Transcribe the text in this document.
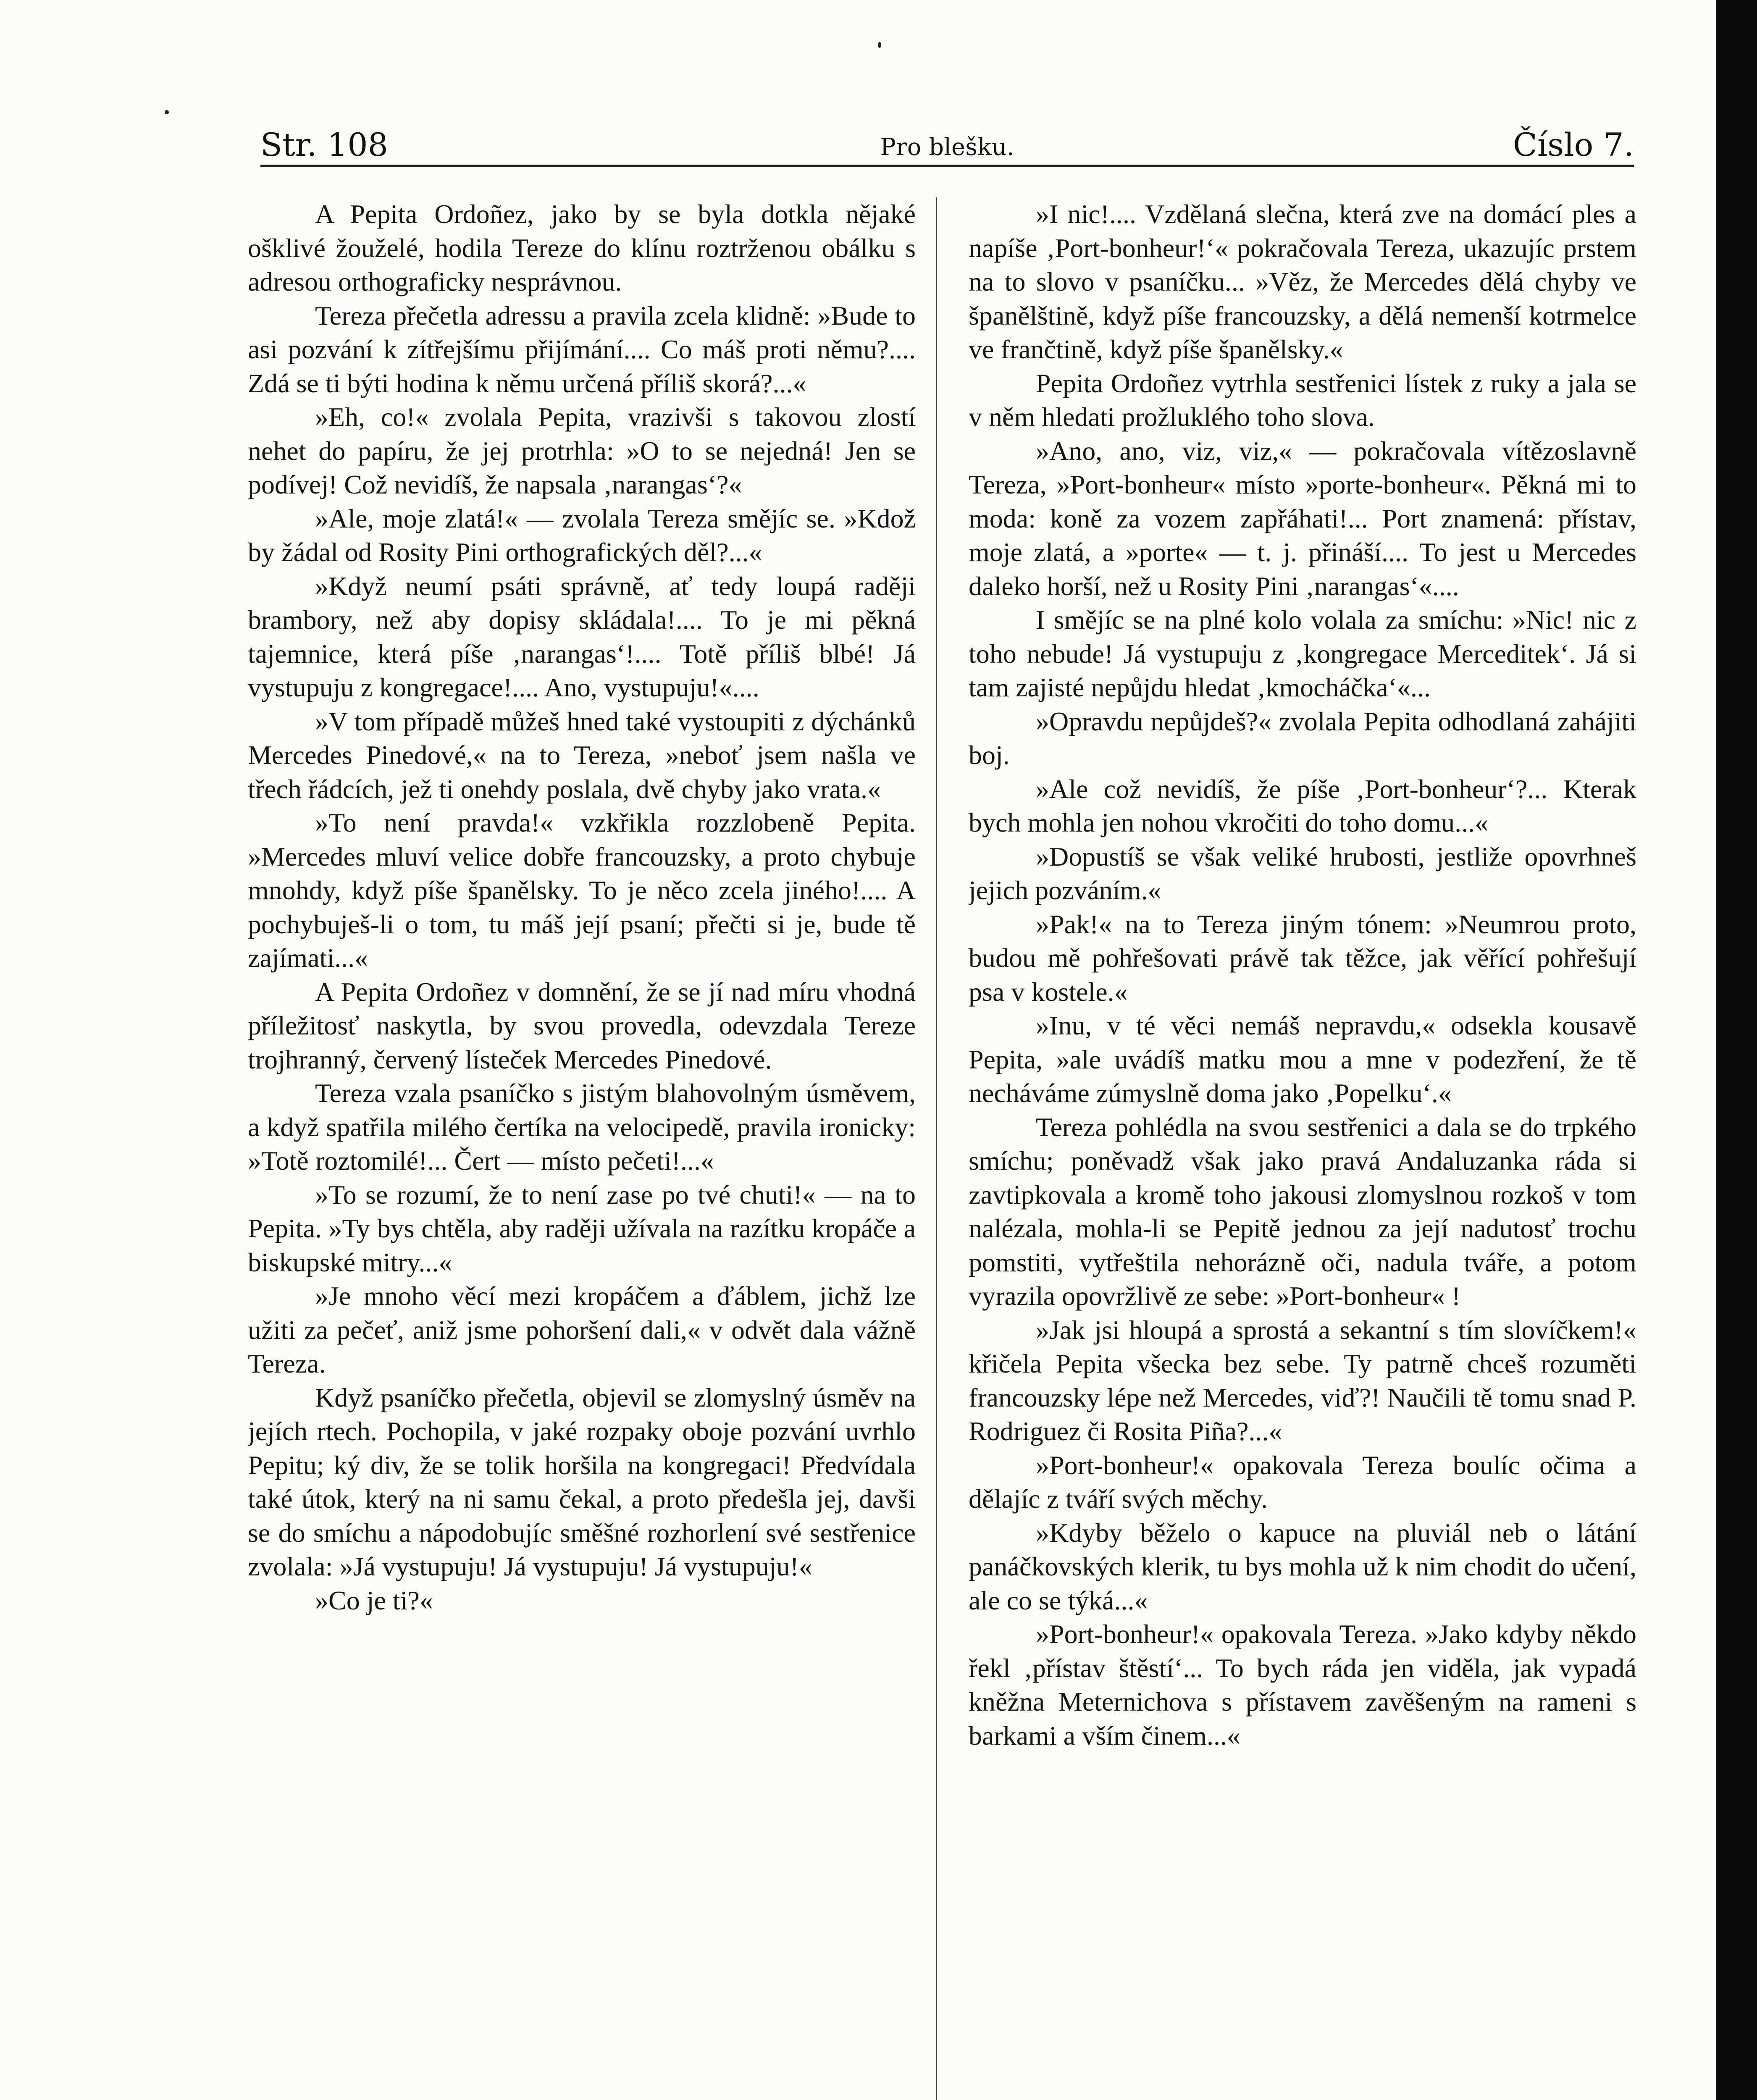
Str. 108	Pro blešku.	Číslo 7.

A Pepita Ordoñez, jako by se byla dotkla nějaké ošklivé žouželé, hodila Tereze do klínu roztrženou obálku s adresou orthograficky nesprávnou.

Tereza přečetla adressu a pravila zcela klidně: »Bude to asi pozvání k zítřejšímu přijímání.... Co máš proti němu?.... Zdá se ti býti hodina k němu určená příliš skorá?...«

»Eh, co!« zvolala Pepita, vrazivši s takovou zlostí nehet do papíru, že jej protrhla: »O to se nejedná! Jen se podívej! Což nevidíš, že napsala ‚narangas‘?«

»Ale, moje zlatá!« — zvolala Tereza smějíc se. »Kdož by žádal od Rosity Pini orthografických děl?...«

»Když neumí psáti správně, ať tedy loupá raději brambory, než aby dopisy skládala!.... To je mi pěkná tajemnice, která píše ‚narangas‘!.... Totě příliš blbé! Já vystupuju z kongregace!.... Ano, vystupuju!«....

»V tom případě můžeš hned také vystoupiti z dýchánků Mercedes Pinedové,« na to Tereza, »neboť jsem našla ve třech řádcích, jež ti onehdy poslala, dvě chyby jako vrata.«

»To není pravda!« vzkřikla rozzlobeně Pepita. »Mercedes mluví velice dobře francouzsky, a proto chybuje mnohdy, když píše španělsky. To je něco zcela jiného!.... A pochybuješ-li o tom, tu máš její psaní; přečti si je, bude tě zajímati...«

A Pepita Ordoñez v domnění, že se jí nad míru vhodná příležitosť naskytla, by svou provedla, odevzdala Tereze trojhranný, červený lísteček Mercedes Pinedové.

Tereza vzala psaníčko s jistým blahovolným úsměvem, a když spatřila milého čertíka na velocipedě, pravila ironicky: »Totě roztomilé!... Čert — místo pečeti!...«

»To se rozumí, že to není zase po tvé chuti!« — na to Pepita. »Ty bys chtěla, aby raději užívala na razítku kropáče a biskupské mitry...«

»Je mnoho věcí mezi kropáčem a ďáblem, jichž lze užiti za pečeť, aniž jsme pohoršení dali,« v odvět dala vážně Tereza.

Když psaníčko přečetla, objevil se zlomyslný úsměv na jejích rtech. Pochopila, v jaké rozpaky oboje pozvání uvrhlo Pepitu; ký div, že se tolik horšila na kongregaci! Předvídala také útok, který na ni samu čekal, a proto předešla jej, davši se do smíchu a nápodobujíc směšné rozhorlení své sestřenice zvolala: »Já vystupuju! Já vystupuju! Já vystupuju!«

»Co je ti?«

»I nic!.... Vzdělaná slečna, která zve na domácí ples a napíše ‚Port-bonheur!‘« pokračovala Tereza, ukazujíc prstem na to slovo v psaníčku... »Věz, že Mercedes dělá chyby ve španělštině, když píše francouzsky, a dělá nemenší kotrmelce ve frančtině, když píše španělsky.«

Pepita Ordoñez vytrhla sestřenici lístek z ruky a jala se v něm hledati prožluklého toho slova.

»Ano, ano, viz, viz,« — pokračovala vítězoslavně Tereza, »Port-bonheur« místo »porte-bonheur«. Pěkná mi to moda: koně za vozem zapřáhati!... Port znamená: přístav, moje zlatá, a »porte« — t. j. přináší.... To jest u Mercedes daleko horší, než u Rosity Pini ‚narangas‘«....

I smějíc se na plné kolo volala za smíchu: »Nic! nic z toho nebude! Já vystupuju z ‚kongregace Merceditek‘. Já si tam zajisté nepůjdu hledat ‚kmocháčka‘«...

»Opravdu nepůjdeš?« zvolala Pepita odhodlaná zahájiti boj.

»Ale což nevidíš, že píše ‚Port-bonheur‘?... Kterak bych mohla jen nohou vkročiti do toho domu...«

»Dopustíš se však veliké hrubosti, jestliže opovrhneš jejich pozváním.«

»Pak!« na to Tereza jiným tónem: »Neumrou proto, budou mě pohřešovati právě tak těžce, jak věřící pohřešují psa v kostele.«

»Inu, v té věci nemáš nepravdu,« odsekla kousavě Pepita, »ale uvádíš matku mou a mne v podezření, že tě necháváme zúmyslně doma jako ‚Popelku‘.«

Tereza pohlédla na svou sestřenici a dala se do trpkého smíchu; poněvadž však jako pravá Andaluzanka ráda si zavtipkovala a kromě toho jakousi zlomyslnou rozkoš v tom nalézala, mohla-li se Pepitě jednou za její nadutosť trochu pomstiti, vytřeštila nehorázně oči, nadula tváře, a potom vyrazila opovržlivě ze sebe: »Port-bonheur« !

»Jak jsi hloupá a sprostá a sekantní s tím slovíčkem!« křičela Pepita všecka bez sebe. Ty patrně chceš rozuměti francouzsky lépe než Mercedes, viď?! Naučili tě tomu snad P. Rodriguez či Rosita Piña?...«

»Port-bonheur!« opakovala Tereza boulíc očima a dělajíc z tváří svých měchy.

»Kdyby běželo o kapuce na pluviál neb o látání panáčkovských klerik, tu bys mohla už k nim chodit do učení, ale co se týká...«

»Port-bonheur!« opakovala Tereza. »Jako kdyby někdo řekl ‚přístav štěstí‘... To bych ráda jen viděla, jak vypadá kněžna Meternichova s přístavem zavěšeným na rameni s barkami a vším činem...«
